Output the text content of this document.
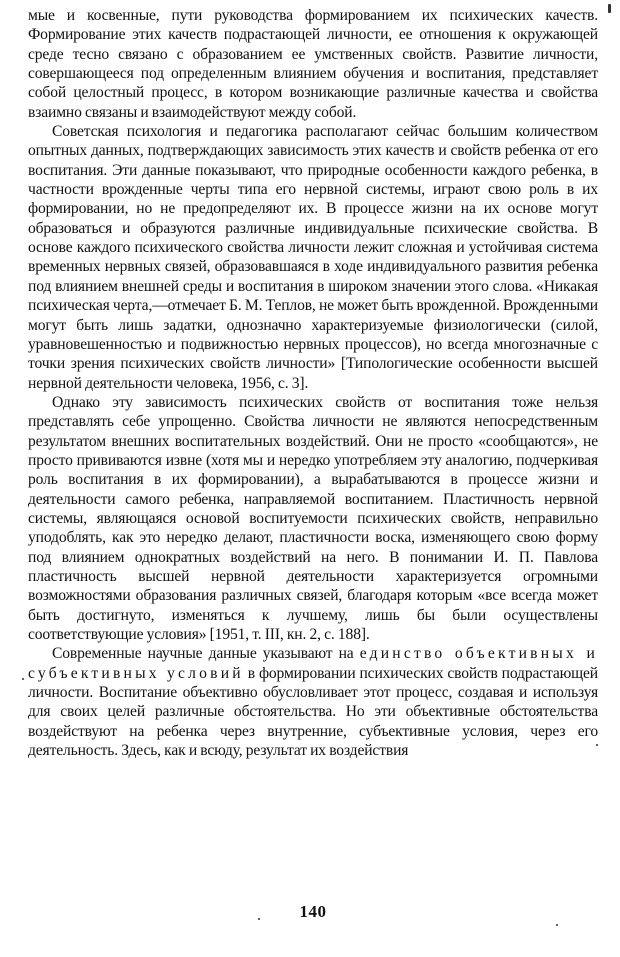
мые и косвенные, пути руководства формированием их психических качеств. Формирование этих качеств подрастающей личности, ее отношения к окружающей среде тесно связано с образованием ее умственных свойств. Развитие личности, совершающееся под определенным влиянием обучения и воспитания, представляет собой целостный процесс, в котором возникающие различные качества и свойства взаимно связаны и взаимодействуют между собой.

Советская психология и педагогика располагают сейчас большим количеством опытных данных, подтверждающих зависимость этих качеств и свойств ребенка от его воспитания. Эти данные показывают, что природные особенности каждого ребенка, в частности врожденные черты типа его нервной системы, играют свою роль в их формировании, но не предопределяют их. В процессе жизни на их основе могут образоваться и образуются различные индивидуальные психические свойства. В основе каждого психического свойства личности лежит сложная и устойчивая система временных нервных связей, образовавшаяся в ходе индивидуального развития ребенка под влиянием внешней среды и воспитания в широком значении этого слова. «Никакая психическая черта,—отмечает Б. М. Теплов, не может быть врожденной. Врожденными могут быть лишь задатки, однозначно характеризуемые физиологически (силой, уравновешенностью и подвижностью нервных процессов), но всегда многозначные с точки зрения психических свойств личности» [Типологические особенности высшей нервной деятельности человека, 1956, с. 3].

Однако эту зависимость психических свойств от воспитания тоже нельзя представлять себе упрощенно. Свойства личности не являются непосредственным результатом внешних воспитательных воздействий. Они не просто «сообщаются», не просто прививаются извне (хотя мы и нередко употребляем эту аналогию, подчеркивая роль воспитания в их формировании), а вырабатываются в процессе жизни и деятельности самого ребенка, направляемой воспитанием. Пластичность нервной системы, являющаяся основой воспитуемости психических свойств, неправильно уподоблять, как это нередко делают, пластичности воска, изменяющего свою форму под влиянием однократных воздействий на него. В понимании И. П. Павлова пластичность высшей нервной деятельности характеризуется огромными возможностями образования различных связей, благодаря которым «все всегда может быть достигнуто, изменяться к лучшему, лишь бы были осуществлены соответствующие условия» [1951, т. III, кн. 2, с. 188].

Современные научные данные указывают на единство объективных и субъективных условий в формировании психических свойств подрастающей личности. Воспитание объективно обусловливает этот процесс, создавая и используя для своих целей различные обстоятельства. Но эти объективные обстоятельства воздействуют на ребенка через внутренние, субъективные условия, через его деятельность. Здесь, как и всюду, результат их воздействия

140
